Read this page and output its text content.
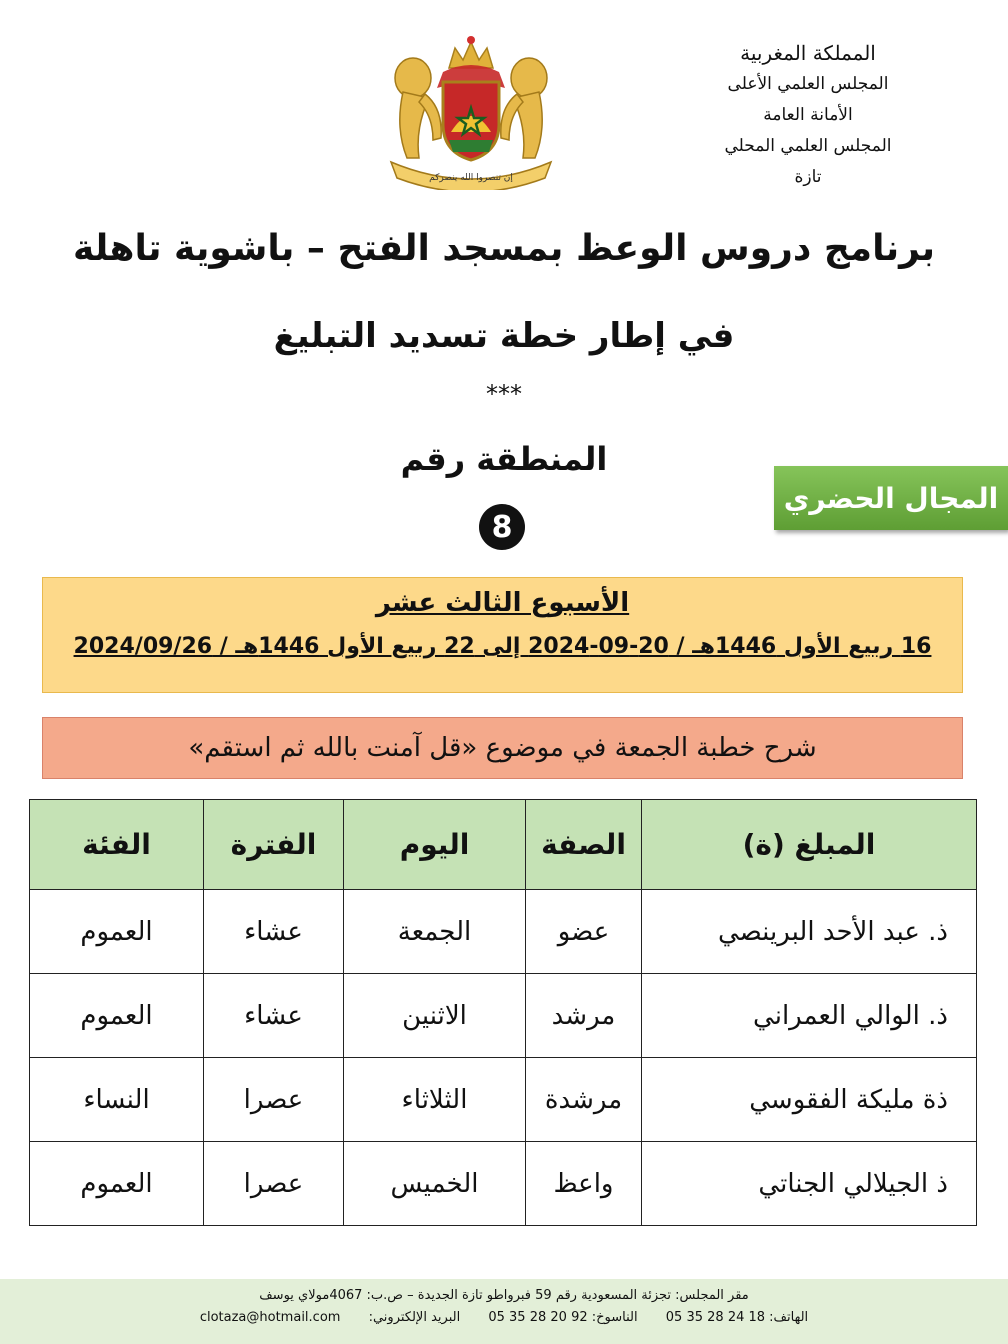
المملكة المغربية
المجلس العلمي الأعلى
الأمانة العامة
المجلس العلمي المحلي
تازة
إن تنصروا الله ينصركم
برنامج دروس الوعظ بمسجد الفتح – باشوية تاهلة
في إطار خطة تسديد التبليغ
***
المنطقة رقم
8
المجال الحضري
الأسبوع الثالث عشر
16 ربيع الأول 1446هـ / 20-09-2024 إلى 22 ربيع الأول 1446هـ / 2024/09/26
شرح خطبة الجمعة في موضوع «قل آمنت بالله ثم استقم»
المبلغ (ة)	الصفة	اليوم	الفترة	الفئة
ذ. عبد الأحد البرينصي	عضو	الجمعة	عشاء	العموم
ذ. الوالي العمراني	مرشد	الاثنين	عشاء	العموم
ذة مليكة الفقوسي	مرشدة	الثلاثاء	عصرا	النساء
ذ الجيلالي الجناتي	واعظ	الخميس	عصرا	العموم
مقر المجلس: تجزئة المسعودية رقم 59 فبرواطو تازة الجديدة – ص.ب: 4067مولاي يوسف
الهاتف: 18 24 28 35 05 الناسوخ: 92 20 28 35 05 البريد الإلكتروني: clotaza@hotmail.com
